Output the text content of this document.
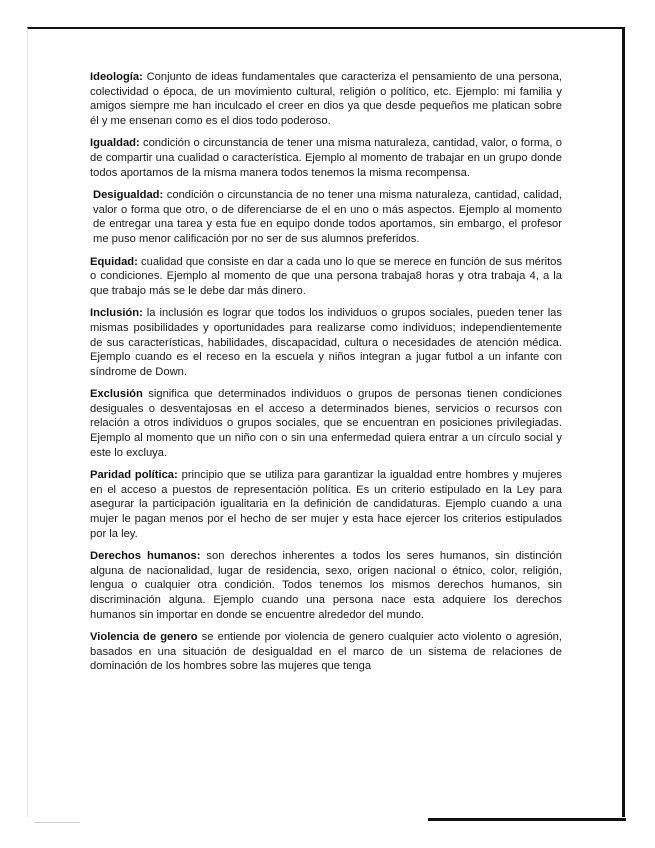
Ideología: Conjunto de ideas fundamentales que caracteriza el pensamiento de una persona, colectividad o época, de un movimiento cultural, religión o político, etc. Ejemplo: mi familia y amigos siempre me han inculcado el creer en dios ya que desde pequeños me platican sobre él y me ensenan como es el dios todo poderoso.

Igualdad: condición o circunstancia de tener una misma naturaleza, cantidad, valor, o forma, o de compartir una cualidad o característica. Ejemplo al momento de trabajar en un grupo donde todos aportamos de la misma manera todos tenemos la misma recompensa.

Desigualdad: condición o circunstancia de no tener una misma naturaleza, cantidad, calidad, valor o forma que otro, o de diferenciarse de el en uno o más aspectos. Ejemplo al momento de entregar una tarea y esta fue en equipo donde todos aportamos, sin embargo, el profesor me puso menor calificación por no ser de sus alumnos preferidos.

Equidad: cualidad que consiste en dar a cada uno lo que se merece en función de sus méritos o condiciones. Ejemplo al momento de que una persona trabaja8 horas y otra trabaja 4, a la que trabajo más se le debe dar más dinero.

Inclusión: la inclusión es lograr que todos los individuos o grupos sociales, pueden tener las mismas posibilidades y oportunidades para realizarse como individuos; independientemente de sus características, habilidades, discapacidad, cultura o necesidades de atención médica. Ejemplo cuando es el receso en la escuela y niños integran a jugar futbol a un infante con síndrome de Down.

Exclusión significa que determinados individuos o grupos de personas tienen condiciones desiguales o desventajosas en el acceso a determinados bienes, servicios o recursos con relación a otros individuos o grupos sociales, que se encuentran en posiciones privilegiadas. Ejemplo al momento que un niño con o sin una enfermedad quiera entrar a un círculo social y este lo excluya.

Paridad política: principio que se utiliza para garantizar la igualdad entre hombres y mujeres en el acceso a puestos de representación política. Es un criterio estipulado en la Ley para asegurar la participación igualitaria en la definición de candidaturas. Ejemplo cuando a una mujer le pagan menos por el hecho de ser mujer y esta hace ejercer los criterios estipulados por la ley.

Derechos humanos: son derechos inherentes a todos los seres humanos, sin distinción alguna de nacionalidad, lugar de residencia, sexo, origen nacional o étnico, color, religión, lengua o cualquier otra condición. Todos tenemos los mismos derechos humanos, sin discriminación alguna. Ejemplo cuando una persona nace esta adquiere los derechos humanos sin importar en donde se encuentre alrededor del mundo.

Violencia de genero se entiende por violencia de genero cualquier acto violento o agresión, basados en una situación de desigualdad en el marco de un sistema de relaciones de dominación de los hombres sobre las mujeres que tenga
